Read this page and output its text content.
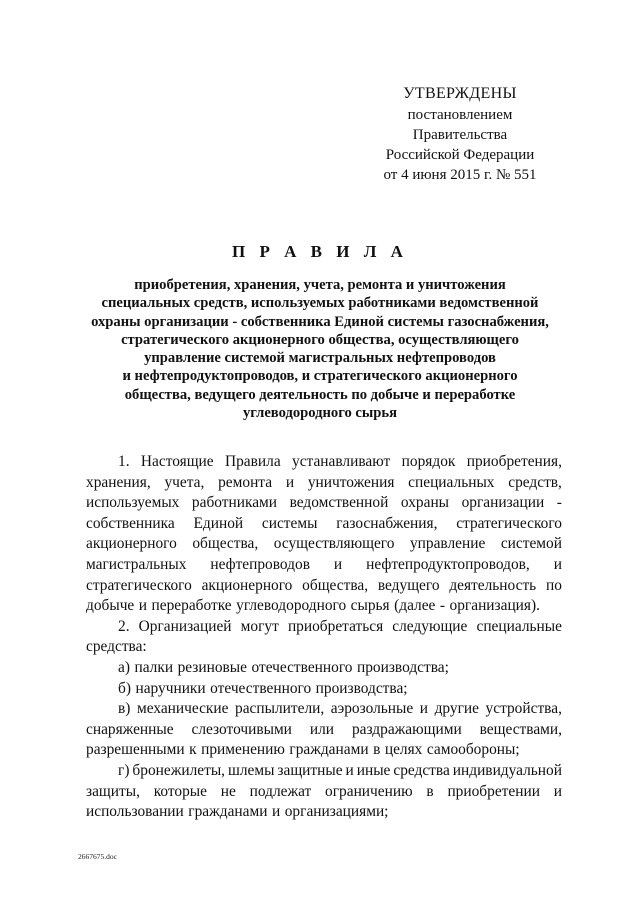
УТВЕРЖДЕНЫ
постановлением Правительства
Российской Федерации
от 4 июня 2015 г. № 551
П Р А В И Л А
приобретения, хранения, учета, ремонта и уничтожения
специальных средств, используемых работниками ведомственной
охраны организации - собственника Единой системы газоснабжения,
стратегического акционерного общества, осуществляющего
управление системой магистральных нефтепроводов
и нефтепродуктопроводов, и стратегического акционерного
общества, ведущего деятельность по добыче и переработке
углеводородного сырья
1. Настоящие Правила устанавливают порядок приобретения,
хранения, учета, ремонта и уничтожения специальных средств,
используемых работниками ведомственной охраны организации -
собственника Единой системы газоснабжения, стратегического
акционерного общества, осуществляющего управление системой
магистральных нефтепроводов и нефтепродуктопроводов, и
стратегического акционерного общества, ведущего деятельность по
добыче и переработке углеводородного сырья (далее - организация).
2. Организацией могут приобретаться следующие специальные
средства:
а) палки резиновые отечественного производства;
б) наручники отечественного производства;
в) механические распылители, аэрозольные и другие устройства,
снаряженные слезоточивыми или раздражающими веществами,
разрешенными к применению гражданами в целях самообороны;
г) бронежилеты, шлемы защитные и иные средства индивидуальной
защиты, которые не подлежат ограничению в приобретении и
использовании гражданами и организациями;
2667675.doc
